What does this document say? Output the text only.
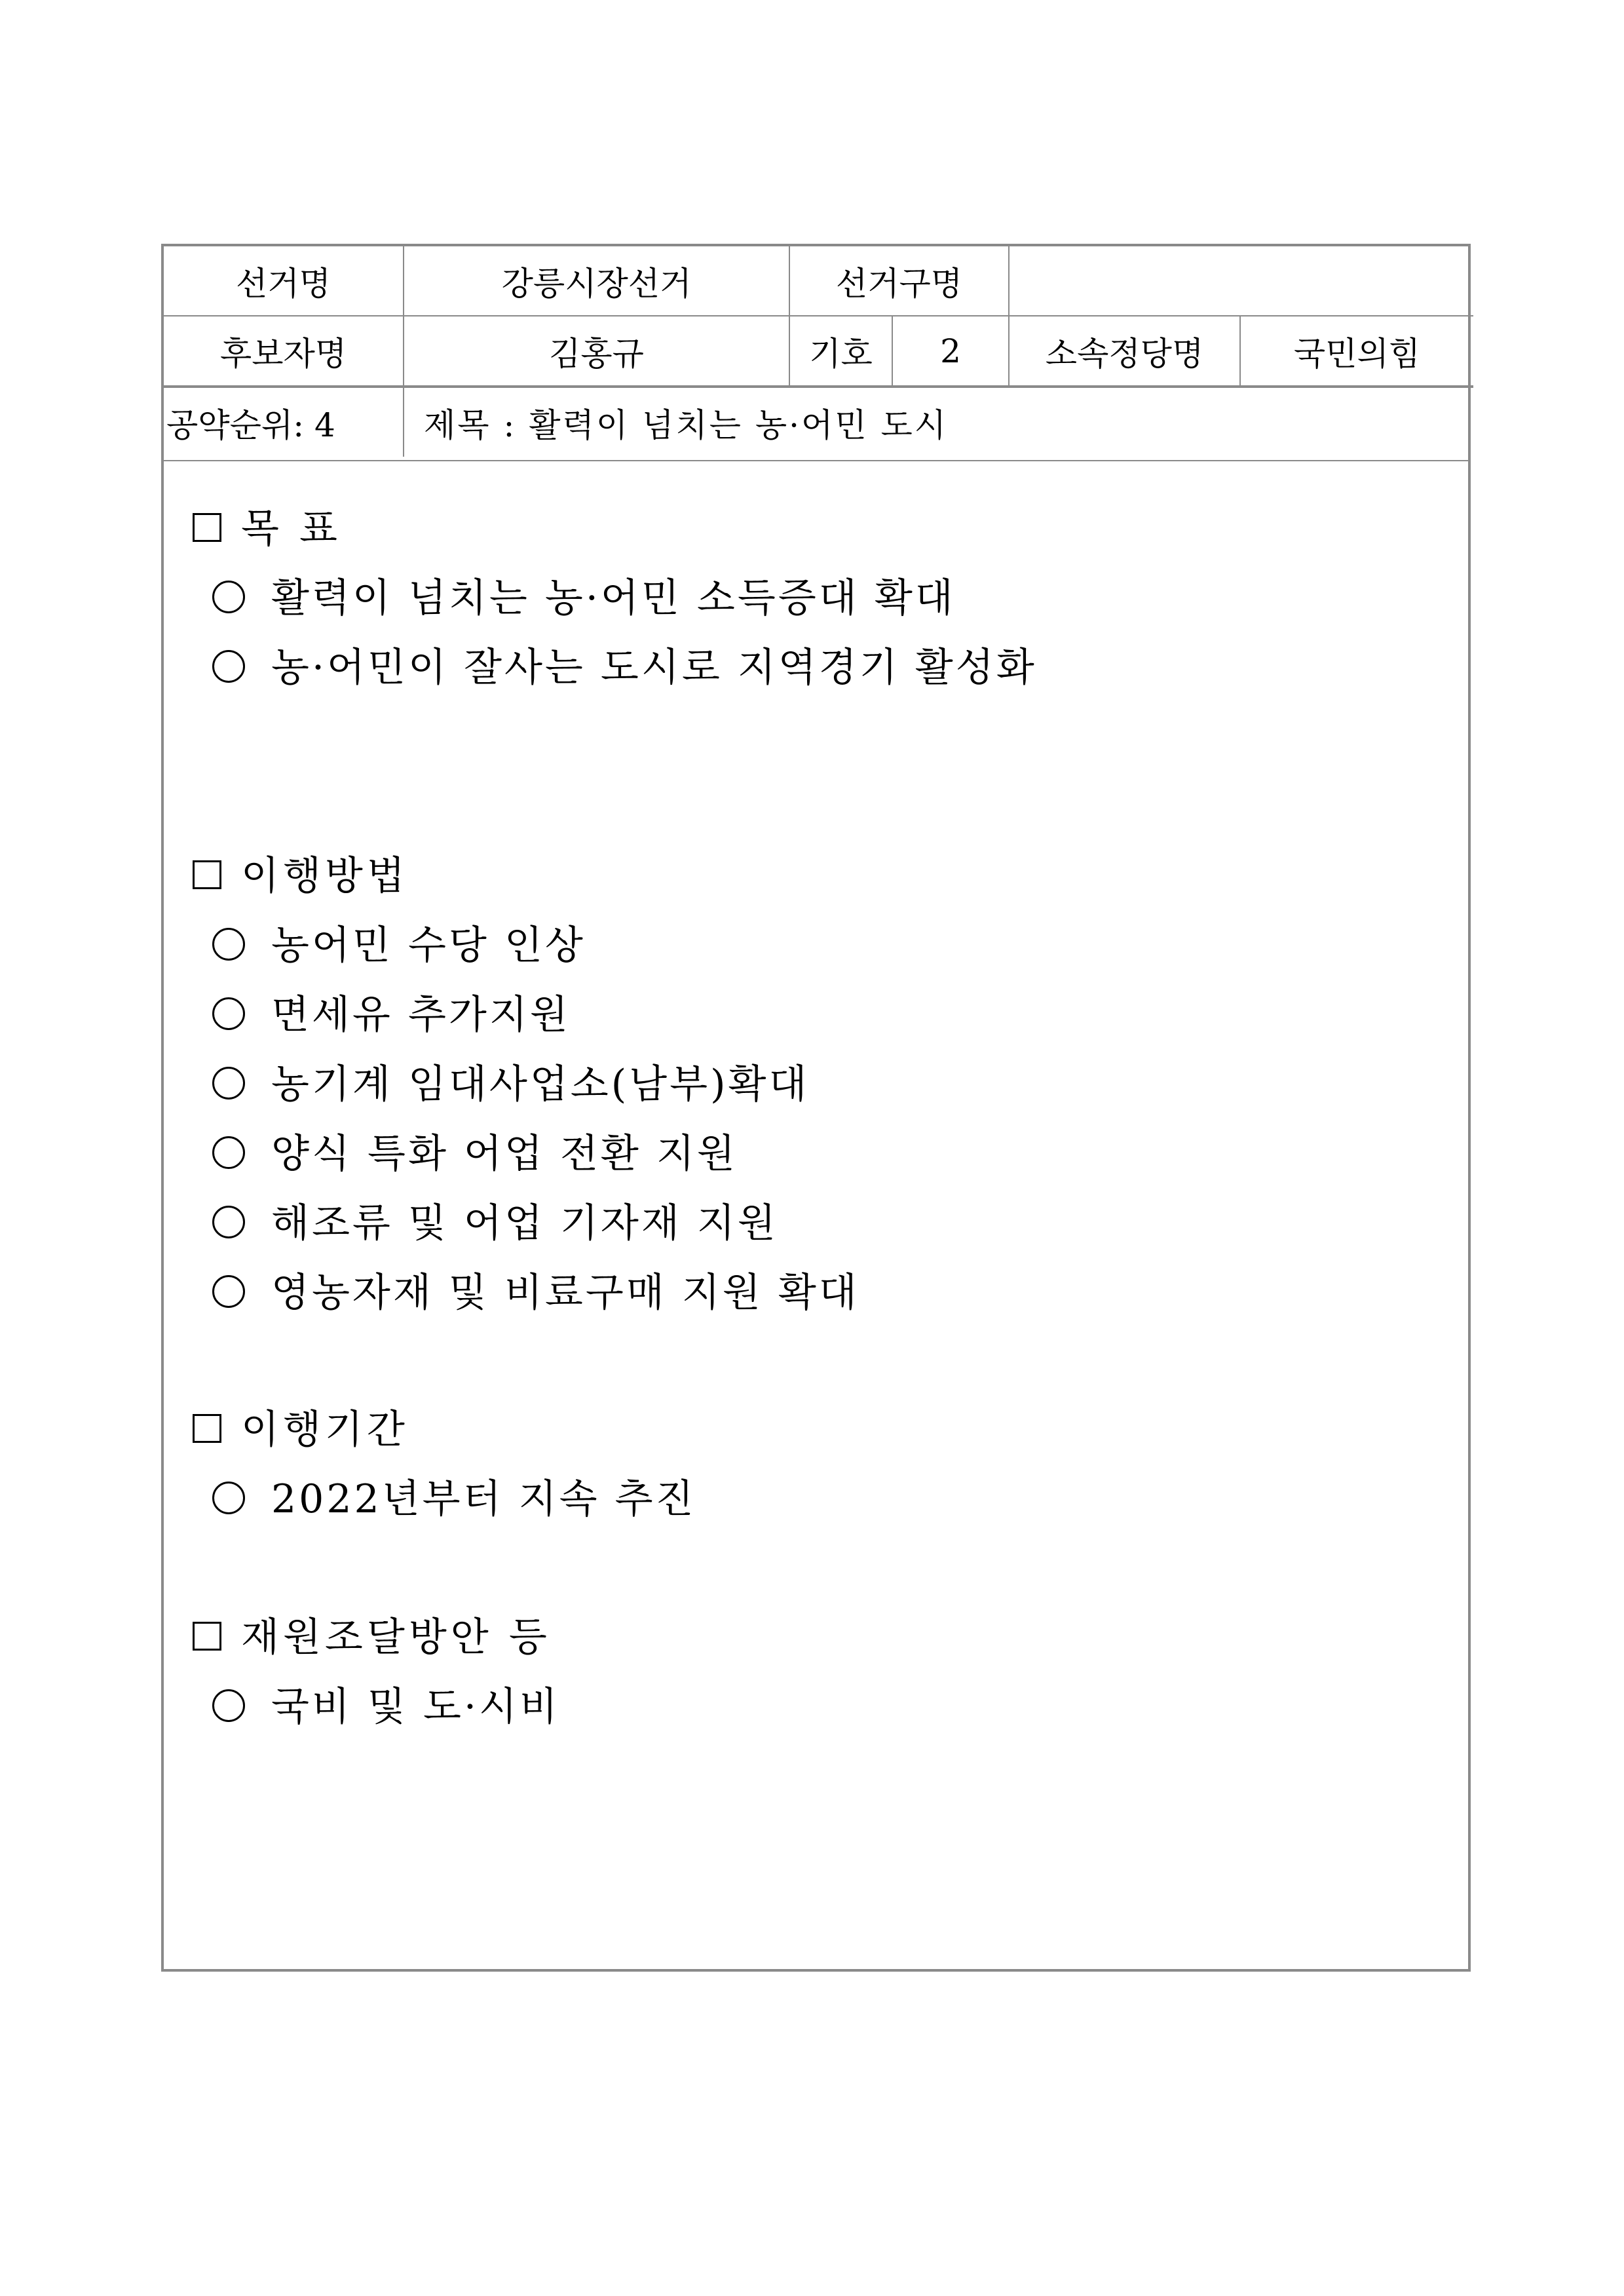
선거명	강릉시장선거	선거구명			
후보자명	김홍규	기호	2	소속정당명	국민의힘
공약순위: 4	제목 : 활력이 넘치는 농·어민 도시				
목 표
활력이 넘치는 농·어민 소득증대 확대
농·어민이 잘사는 도시로 지역경기 활성화
이행방법
농어민 수당 인상
면세유 추가지원
농기계 임대사업소(남부)확대
양식 특화 어업 전환 지원
해조류 및 어업 기자재 지원
영농자재 및 비료구매 지원 확대
이행기간
2022년부터 지속 추진
재원조달방안 등
국비 및 도·시비
